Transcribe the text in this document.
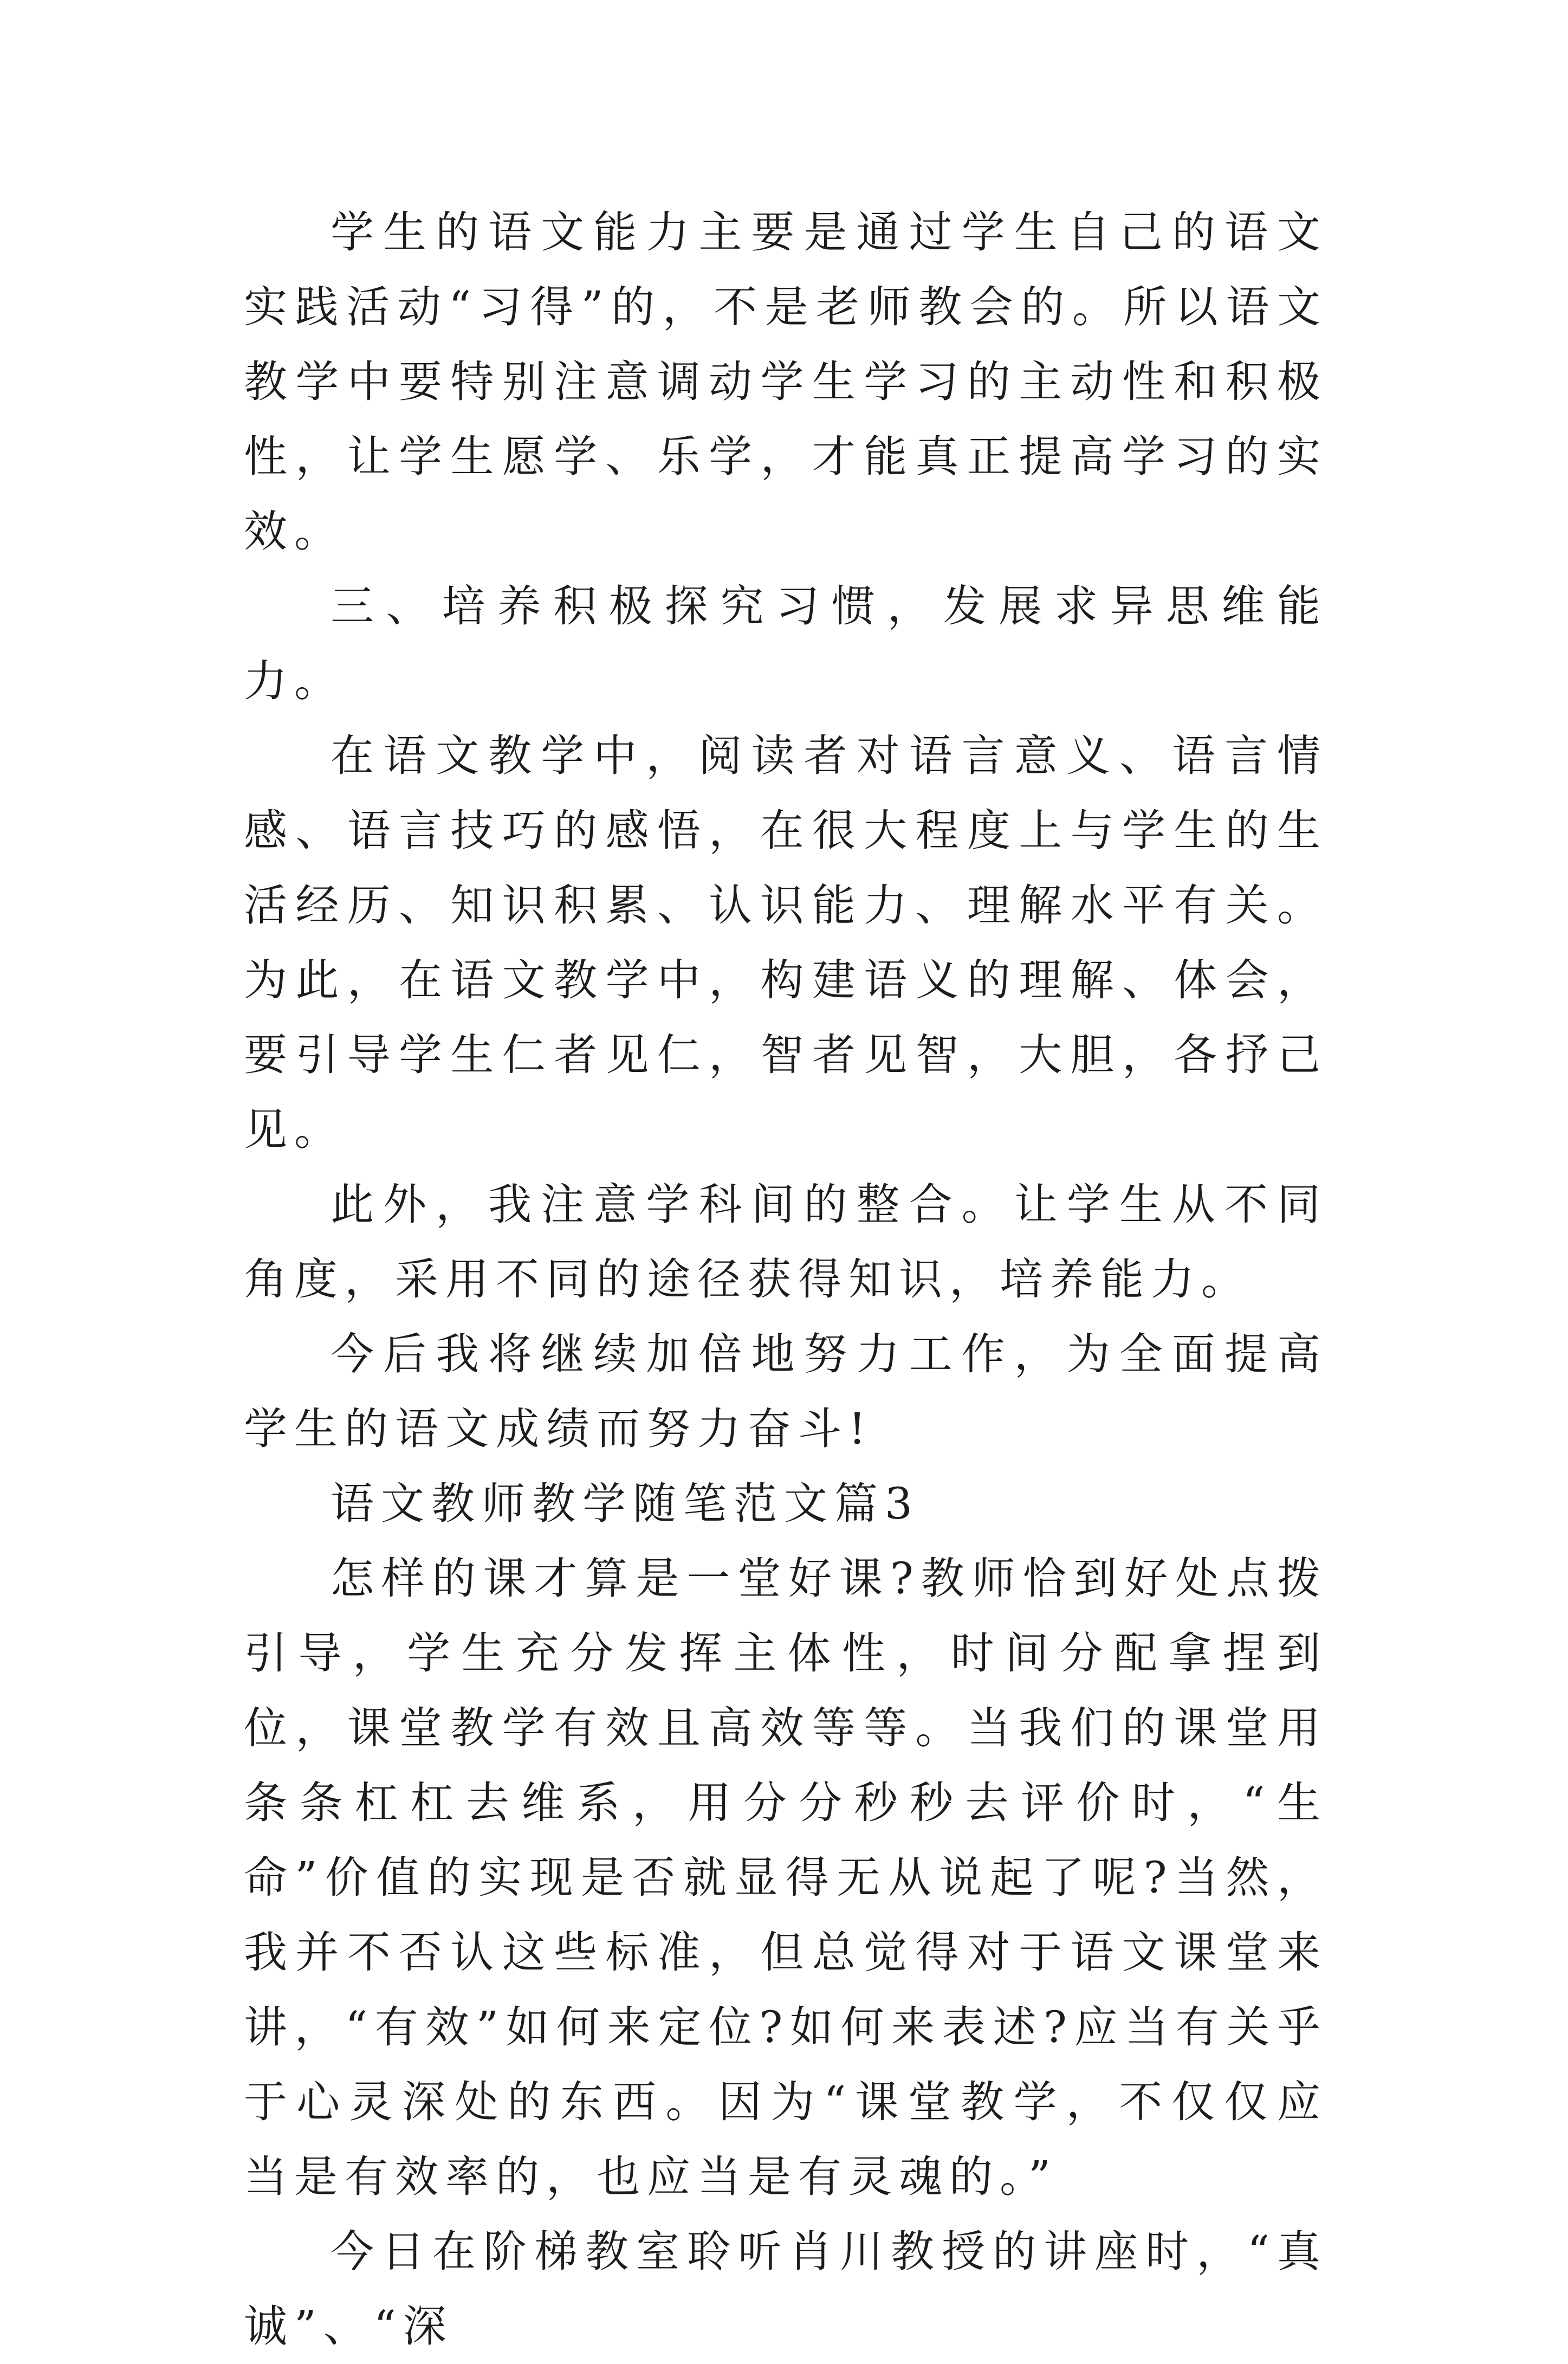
学生的语文能力主要是通过学生自己的语文实践活动“习得”的，不是老师教会的。所以语文教学中要特别注意调动学生学习的主动性和积极性，让学生愿学、乐学，才能真正提高学习的实效。

三、培养积极探究习惯，发展求异思维能力。

在语文教学中，阅读者对语言意义、语言情感、语言技巧的感悟，在很大程度上与学生的生活经历、知识积累、认识能力、理解水平有关。为此，在语文教学中，构建语义的理解、体会，要引导学生仁者见仁，智者见智，大胆，各抒己见。

此外，我注意学科间的整合。让学生从不同角度，采用不同的途径获得知识，培养能力。

今后我将继续加倍地努力工作，为全面提高学生的语文成绩而努力奋斗!

语文教师教学随笔范文篇3

怎样的课才算是一堂好课?教师恰到好处点拨引导，学生充分发挥主体性，时间分配拿捏到位，课堂教学有效且高效等等。当我们的课堂用条条杠杠去维系，用分分秒秒去评价时，“生命”价值的实现是否就显得无从说起了呢?当然，我并不否认这些标准，但总觉得对于语文课堂来讲，“有效”如何来定位?如何来表述?应当有关乎于心灵深处的东西。因为“课堂教学，不仅仅应当是有效率的，也应当是有灵魂的。”

今日在阶梯教室聆听肖川教授的讲座时，“真诚”、“深
